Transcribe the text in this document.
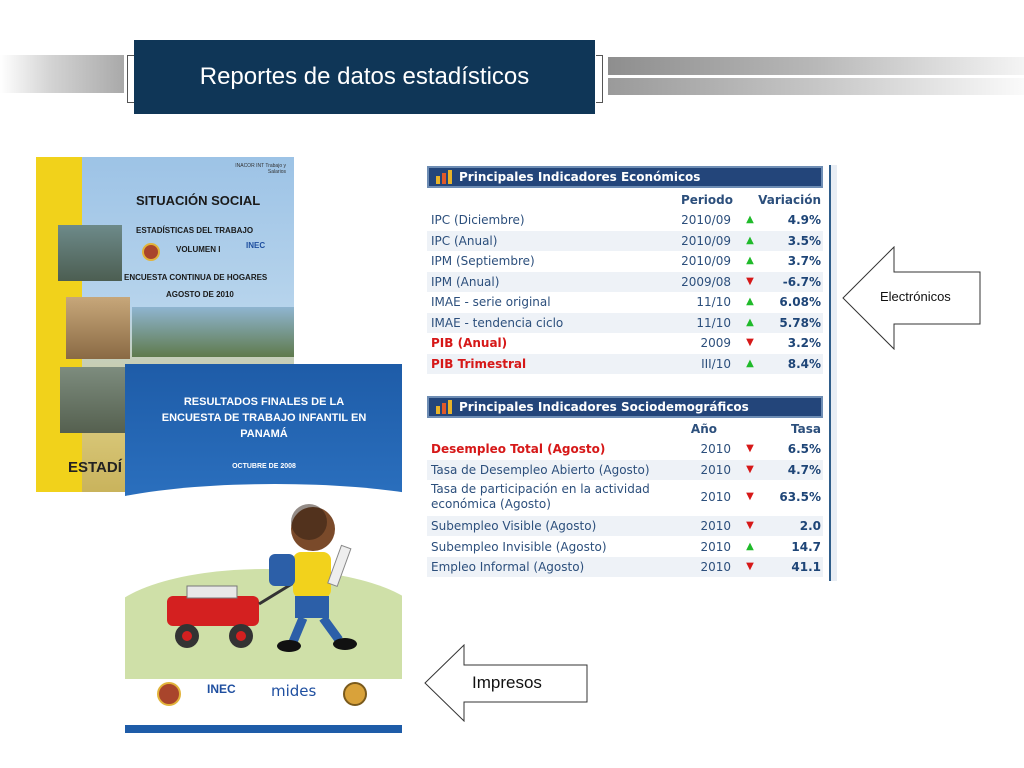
Reportes de datos estadísticos
INACOR INT Trabajo y Salarios
SITUACIÓN SOCIAL
ESTADÍSTICAS DEL TRABAJO
VOLUMEN I	INEC
ENCUESTA CONTINUA DE HOGARES
AGOSTO DE 2010
ESTADÍ
RESULTADOS FINALES DE LA ENCUESTA DE TRABAJO INFANTIL EN PANAMÁ
OCTUBRE DE 2008
INEC mides
Principales Indicadores Económicos
Periodo Variación
IPC (Diciembre)	2010/09	▲	4.9%
IPC (Anual)	2010/09	▲	3.5%
IPM (Septiembre)	2010/09	▲	3.7%
IPM (Anual)	2009/08	▼ -6.7%
IMAE - serie original	11/10	▲ 6.08%
IMAE - tendencia ciclo	11/10	▲ 5.78%
PIB (Anual)	2009	▼	3.2%
PIB Trimestral	III/10	▲	8.4%
Principales Indicadores Sociodemográficos
Año	Tasa
Desempleo Total (Agosto)	2010	▼	6.5%
Tasa de Desempleo Abierto (Agosto)	2010	▼	4.7%
Tasa de participación en la actividad económica (Agosto)	2010	▼ 63.5%
Subempleo Visible (Agosto)	2010	▼	2.0
Subempleo Invisible (Agosto)	2010	▲	14.7
Empleo Informal (Agosto)	2010	▼	41.1
Electrónicos
Impresos
